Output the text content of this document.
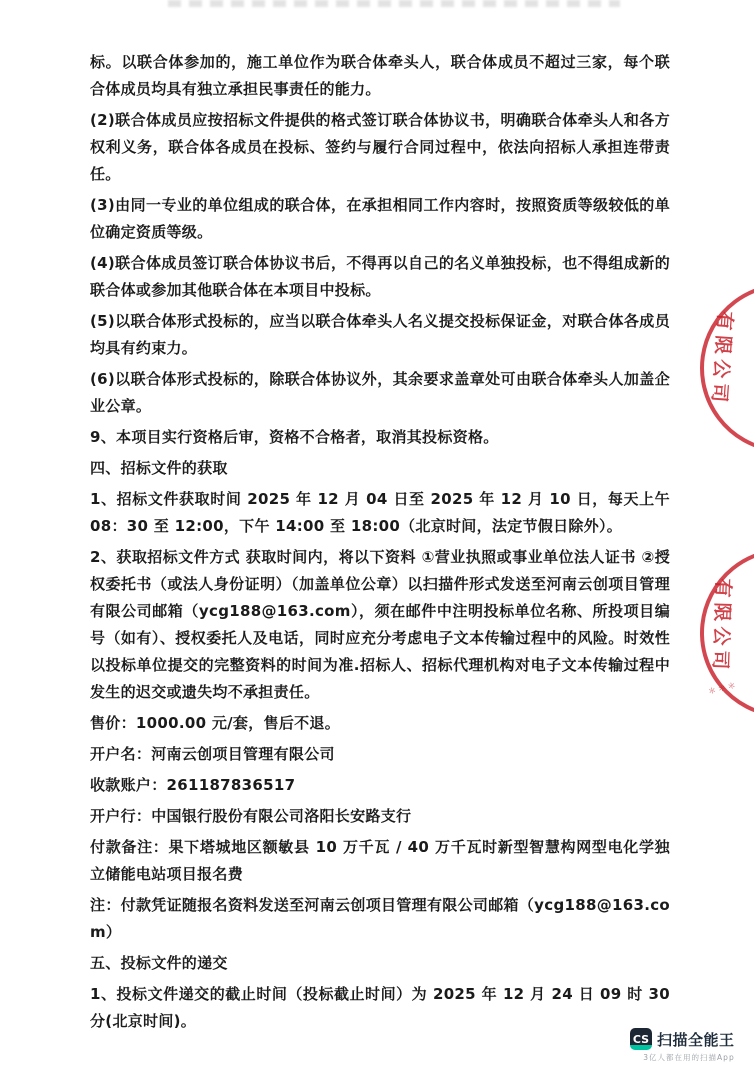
标。以联合体参加的，施工单位作为联合体牵头人，联合体成员不超过三家，每个联合体成员均具有独立承担民事责任的能力。

(2)联合体成员应按招标文件提供的格式签订联合体协议书，明确联合体牵头人和各方权利义务，联合体各成员在投标、签约与履行合同过程中，依法向招标人承担连带责任。

(3)由同一专业的单位组成的联合体，在承担相同工作内容时，按照资质等级较低的单位确定资质等级。

(4)联合体成员签订联合体协议书后，不得再以自己的名义单独投标，也不得组成新的联合体或参加其他联合体在本项目中投标。

(5)以联合体形式投标的，应当以联合体牵头人名义提交投标保证金，对联合体各成员均具有约束力。

(6)以联合体形式投标的，除联合体协议外，其余要求盖章处可由联合体牵头人加盖企业公章。

9、本项目实行资格后审，资格不合格者，取消其投标资格。

四、招标文件的获取

1、招标文件获取时间 2025 年 12 月 04 日至 2025 年 12 月 10 日，每天上午 08：30 至 12:00，下午 14:00 至 18:00（北京时间，法定节假日除外）。

2、获取招标文件方式 获取时间内，将以下资料 ①营业执照或事业单位法人证书 ②授权委托书（或法人身份证明）（加盖单位公章）以扫描件形式发送至河南云创项目管理有限公司邮箱（ycg188@163.com），须在邮件中注明投标单位名称、所投项目编号（如有）、授权委托人及电话，同时应充分考虑电子文本传输过程中的风险。时效性以投标单位提交的完整资料的时间为准.招标人、招标代理机构对电子文本传输过程中发生的迟交或遗失均不承担责任。

售价：1000.00 元/套，售后不退。

开户名：河南云创项目管理有限公司

收款账户：261187836517

开户行：中国银行股份有限公司洛阳长安路支行

付款备注：果下塔城地区额敏县 10 万千瓦 / 40 万千瓦时新型智慧构网型电化学独立储能电站项目报名费

注：付款凭证随报名资料发送至河南云创项目管理有限公司邮箱（ycg188@163.com）

五、投标文件的递交

1、投标文件递交的截止时间（投标截止时间）为 2025 年 12 月 24 日 09 时 30 分(北京时间)。

有限公司
有限公司
＊＊＊
CS 扫描全能王
3亿人都在用的扫描App
